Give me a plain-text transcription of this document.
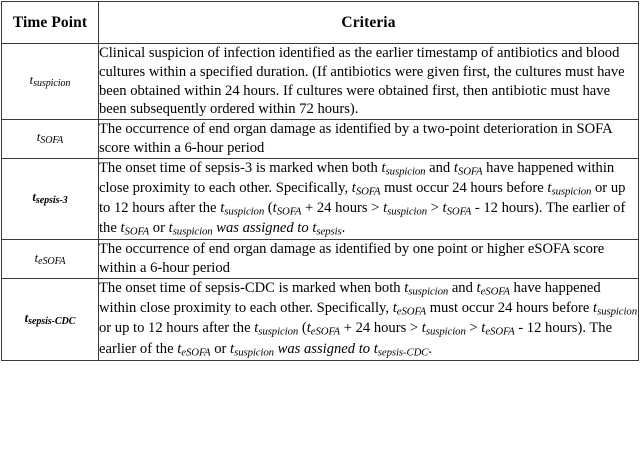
Time Point	Criteria
$t_{suspicion}$	Clinical suspicion of infection identified as the earlier timestamp of antibiotics and blood cultures within a specified duration. (If antibiotics were given first, the cultures must have been obtained within 24 hours. If cultures were obtained first, then antibiotic must have been subsequently ordered within 72 hours).
$t_{SOFA}$	The occurrence of end organ damage as identified by a two-point deterioration in SOFA score within a 6-hour period
$t_{sepsis-3}$	The onset time of sepsis-3 is marked when both $t_{suspicion}$ and $t_{SOFA}$ have happened within close proximity to each other. Specifically, $t_{SOFA}$ must occur 24 hours before $t_{suspicion}$ or up to 12 hours after the $t_{suspicion}$ ($t_{SOFA} + 24$ hours > $t_{suspicion} > t_{SOFA} - 12$ hours). The earlier of the $t_{SOFA}$ or $t_{suspicion}$ was assigned to $t_{sepsis}$.
$t_{eSOFA}$	The occurrence of end organ damage as identified by one point or higher eSOFA score within a 6-hour period
$t_{sepsis-CDC}$	The onset time of sepsis-CDC is marked when both $t_{suspicion}$ and $t_{eSOFA}$ have happened within close proximity to each other. Specifically, $t_{eSOFA}$ must occur 24 hours before $t_{suspicion}$ or up to 12 hours after the $t_{suspicion}$ ($t_{eSOFA} + 24$ hours > $t_{suspicion} > t_{eSOFA} - 12$ hours). The earlier of the $t_{eSOFA}$ or $t_{suspicion}$ was assigned to $t_{sepsis-CDC}$.
